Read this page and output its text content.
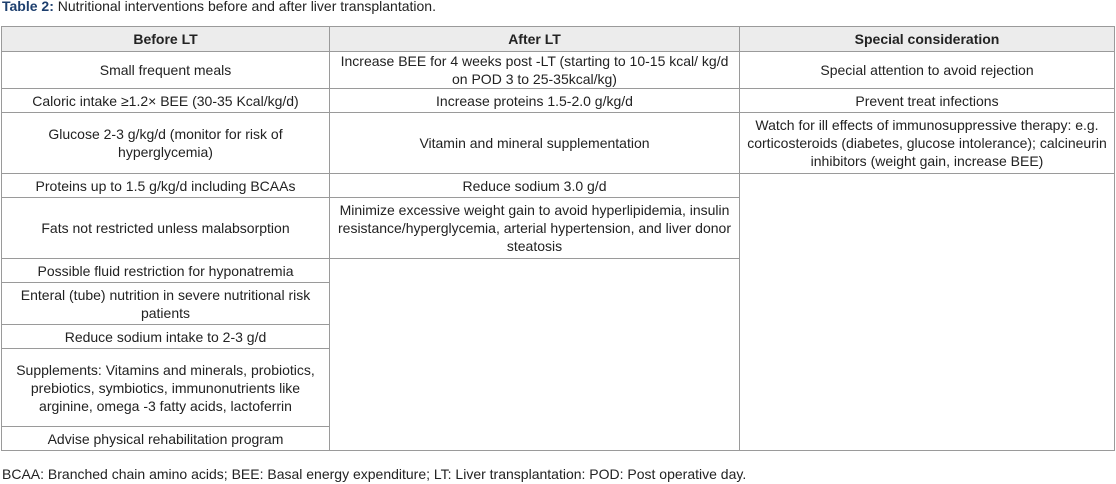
Table 2: Nutritional interventions before and after liver transplantation.
Before LT	After LT	Special consideration
Small frequent meals	Increase BEE for 4 weeks post -LT (starting to 10-15 kcal/ kg/d on POD 3 to 25-35kcal/kg)	Special attention to avoid rejection
Caloric intake ≥1.2× BEE (30-35 Kcal/kg/d)	Increase proteins 1.5-2.0 g/kg/d	Prevent treat infections
Glucose 2-3 g/kg/d (monitor for risk of hyperglycemia)	Vitamin and mineral supplementation	Watch for ill effects of immunosuppressive therapy: e.g. corticosteroids (diabetes, glucose intolerance); calcineurin inhibitors (weight gain, increase BEE)
Proteins up to 1.5 g/kg/d including BCAAs	Reduce sodium 3.0 g/d	
Fats not restricted unless malabsorption	Minimize excessive weight gain to avoid hyperlipidemia, insulin resistance/hyperglycemia, arterial hypertension, and liver donor steatosis	
Possible fluid restriction for hyponatremia		
Enteral (tube) nutrition in severe nutritional risk patients		
Reduce sodium intake to 2-3 g/d		
Supplements: Vitamins and minerals, probiotics, prebiotics, symbiotics, immunonutrients like arginine, omega -3 fatty acids, lactoferrin		
Advise physical rehabilitation program		
BCAA: Branched chain amino acids; BEE: Basal energy expenditure; LT: Liver transplantation: POD: Post operative day.
